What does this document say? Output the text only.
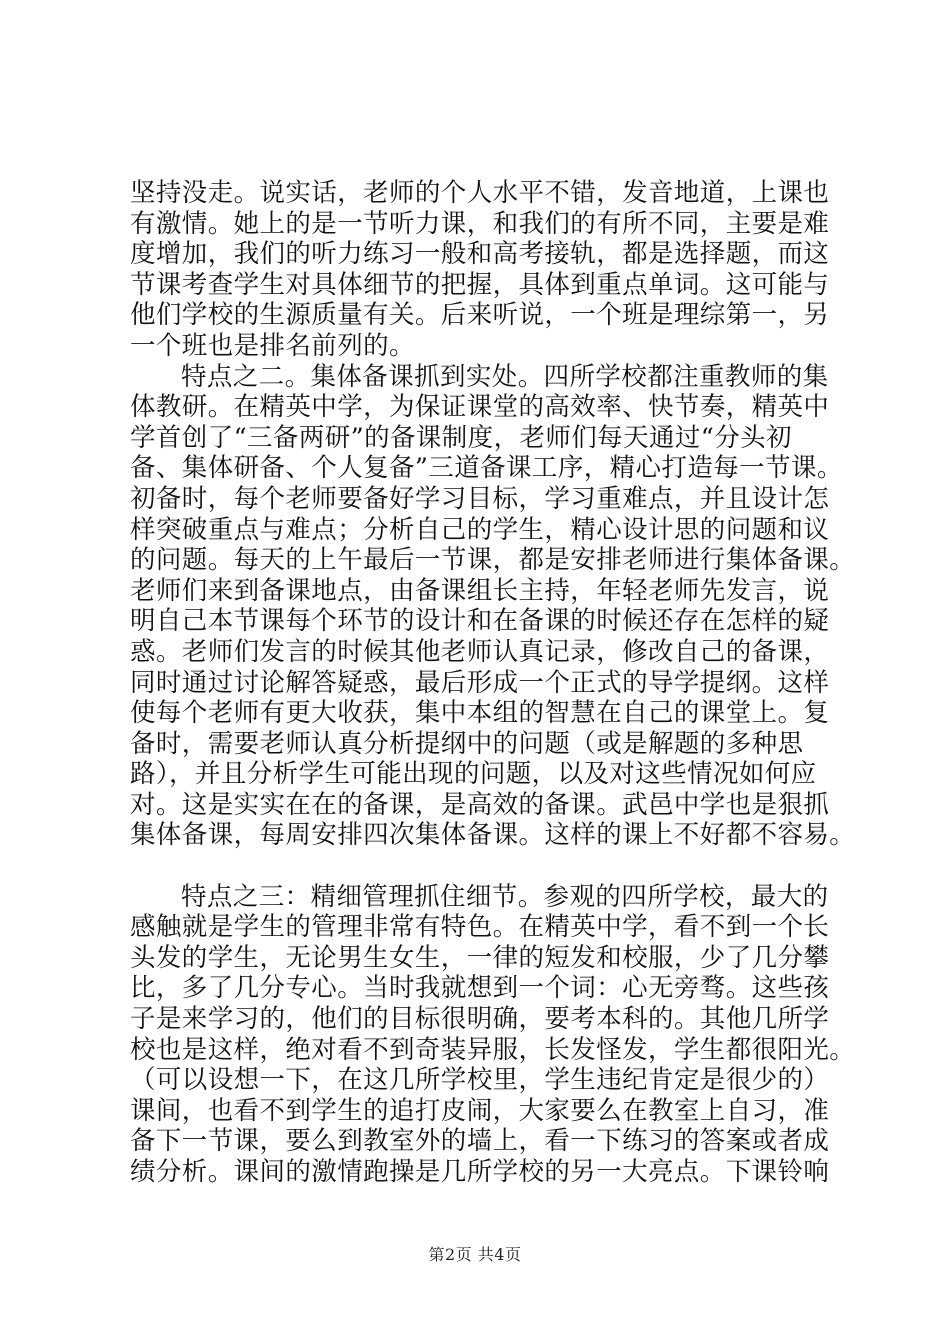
坚持没走。说实话，老师的个人水平不错，发音地道，上课也
有激情。她上的是一节听力课，和我们的有所不同，主要是难
度增加，我们的听力练习一般和高考接轨，都是选择题，而这
节课考查学生对具体细节的把握，具体到重点单词。这可能与
他们学校的生源质量有关。后来听说，一个班是理综第一，另
一个班也是排名前列的。

特点之二。集体备课抓到实处。四所学校都注重教师的集
体教研。在精英中学，为保证课堂的高效率、快节奏，精英中
学首创了“三备两研”的备课制度，老师们每天通过“分头初
备、集体研备、个人复备”三道备课工序，精心打造每一节课。
初备时，每个老师要备好学习目标，学习重难点，并且设计怎
样突破重点与难点；分析自己的学生，精心设计思的问题和议
的问题。每天的上午最后一节课，都是安排老师进行集体备课。
老师们来到备课地点，由备课组长主持，年轻老师先发言，说
明自己本节课每个环节的设计和在备课的时候还存在怎样的疑
惑。老师们发言的时候其他老师认真记录，修改自己的备课，
同时通过讨论解答疑惑，最后形成一个正式的导学提纲。这样
使每个老师有更大收获，集中本组的智慧在自己的课堂上。复
备时，需要老师认真分析提纲中的问题（或是解题的多种思
路），并且分析学生可能出现的问题，以及对这些情况如何应
对。这是实实在在的备课，是高效的备课。武邑中学也是狠抓
集体备课，每周安排四次集体备课。这样的课上不好都不容易。

特点之三：精细管理抓住细节。参观的四所学校，最大的
感触就是学生的管理非常有特色。在精英中学，看不到一个长
头发的学生，无论男生女生，一律的短发和校服，少了几分攀
比，多了几分专心。当时我就想到一个词：心无旁骛。这些孩
子是来学习的，他们的目标很明确，要考本科的。其他几所学
校也是这样，绝对看不到奇装异服，长发怪发，学生都很阳光。
（可以设想一下，在这几所学校里，学生违纪肯定是很少的）
课间，也看不到学生的追打皮闹，大家要么在教室上自习，准
备下一节课，要么到教室外的墙上，看一下练习的答案或者成
绩分析。课间的激情跑操是几所学校的另一大亮点。下课铃响

第2页 共4页
